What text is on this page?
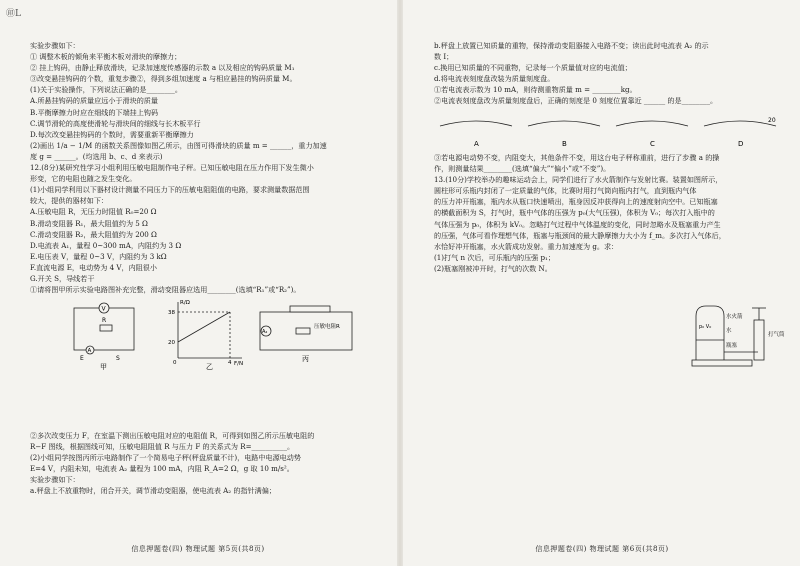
㊞L
实验步骤如下：
① 调整木板的倾角来平衡木板对滑块的摩擦力；
② 挂上钩码，由静止释放滑块，记录加速度传感器的示数 a 以及相应的钩码质量 M₁
③改变悬挂钩码的个数，重复步骤②，得到多组加速度 a 与相应悬挂的钩码质量 M。
(1)关于实验操作，下列说法正确的是________。
A.所悬挂钩码的质量应远小于滑块的质量
B.平衡摩擦力时应在细线的下端挂上钩码
C.调节滑轮的高度使滑轮与滑块间的细线与长木板平行
D.每次改变悬挂钩码的个数时，需要重新平衡摩擦力
(2)画出 1/a − 1/M 的函数关系图像如图乙所示，由图可得滑块的质量 m = ______，重力加速
度 g = ______。(均选用 b、c、d 来表示)
12.(8分)某研究性学习小组利用压敏电阻制作电子秤。已知压敏电阻在压力作用下发生微小
形变，它的电阻也随之发生变化。
(1)小组同学利用以下器材设计测量不同压力下的压敏电阻阻值的电路，要求测量数据范围
较大，提供的器材如下：
A.压敏电阻 R，无压力时阻值 R₀=20 Ω
B.滑动变阻器 R₁，最大阻值约为 5 Ω
C.滑动变阻器 R₂，最大阻值约为 200 Ω
D.电流表 A₁，量程 0~300 mA，内阻约为 3 Ω
E.电压表 V，量程 0~3 V，内阻约为 3 kΩ
F.直流电源 E，电动势为 4 V，内阻很小
G.开关 S，导线若干
①请将图甲所示实验电路图补充完整，滑动变阻器应选用________(选填“R₁”或“R₂”)。
V
A
R
E	S
甲
R/Ω
F/N
38
20
0	4
乙
压敏电阻R
A₂
丙
②多次改变压力 F，在室温下测出压敏电阻对应的电阻值 R，可得到如图乙所示压敏电阻的
R−F 图线，根据图线可知，压敏电阻阻值 R 与压力 F 的关系式为 R=__________。
(2)小组同学按图丙所示电路制作了一个简易电子秤(秤盘质量不计)，电路中电源电动势
E=4 V，内阻未知，电流表 A₂ 量程为 100 mA，内阻 R_A=2 Ω，g 取 10 m/s²。
实验步骤如下：
a.秤盘上不放重物时，闭合开关，调节滑动变阻器，使电流表 A₂ 的指针满偏；
信息押题卷(四) 物理试题 第5页(共8页)
b.秤盘上放置已知质量的重物，保持滑动变阻器接入电路不变；读出此时电流表 A₂ 的示
数 I；
c.换用已知质量的不同重物，记录每一个质量值对应的电流值；
d.将电流表刻度盘改装为质量刻度盘。
①若电流表示数为 10 mA，则待测重物质量 m = ________kg。
②电流表刻度盘改为质量刻度盘后，正确的刻度是 0 刻度位置靠近 ______ 的是________。
20
A	B	C	D
③若电源电动势不变，内阻变大，其他条件不变，用这台电子秤称重前，进行了步骤 a 的操
作，则测量结果________(选填“偏大”“偏小”或“不变”)。
13.(10分)学校举办的趣味运动会上，同学们进行了水火箭制作与发射比赛。装置如图所示，
圆柱形可乐瓶内封闭了一定质量的气体，比赛时用打气筒向瓶内打气，直到瓶内气体
的压力冲开瓶塞，瓶内水从瓶口快速喷出，瓶身因反冲获得向上的速度射向空中。已知瓶塞
的横截面积为 S，打气时，瓶中气体的压强为 p₀(大气压强)，体积为 V₀；每次打入瓶中的
气体压强为 p₀，体积为 kV₀。忽略打气过程中气体温度的变化，同时忽略水及瓶塞重力产生
的压强，气体可看作理想气体，瓶塞与瓶颈间的最大静摩擦力大小为 f_m。多次打入气体后，
水恰好冲开瓶塞，水火箭成功发射。重力加速度为 g。求：
(1)打气 n 次后，可乐瓶内的压强 p₁；
(2)瓶塞刚被冲开时，打气的次数 N。
p₀ V₀
水火箭
水
瓶塞
打气筒
信息押题卷(四) 物理试题 第6页(共8页)
